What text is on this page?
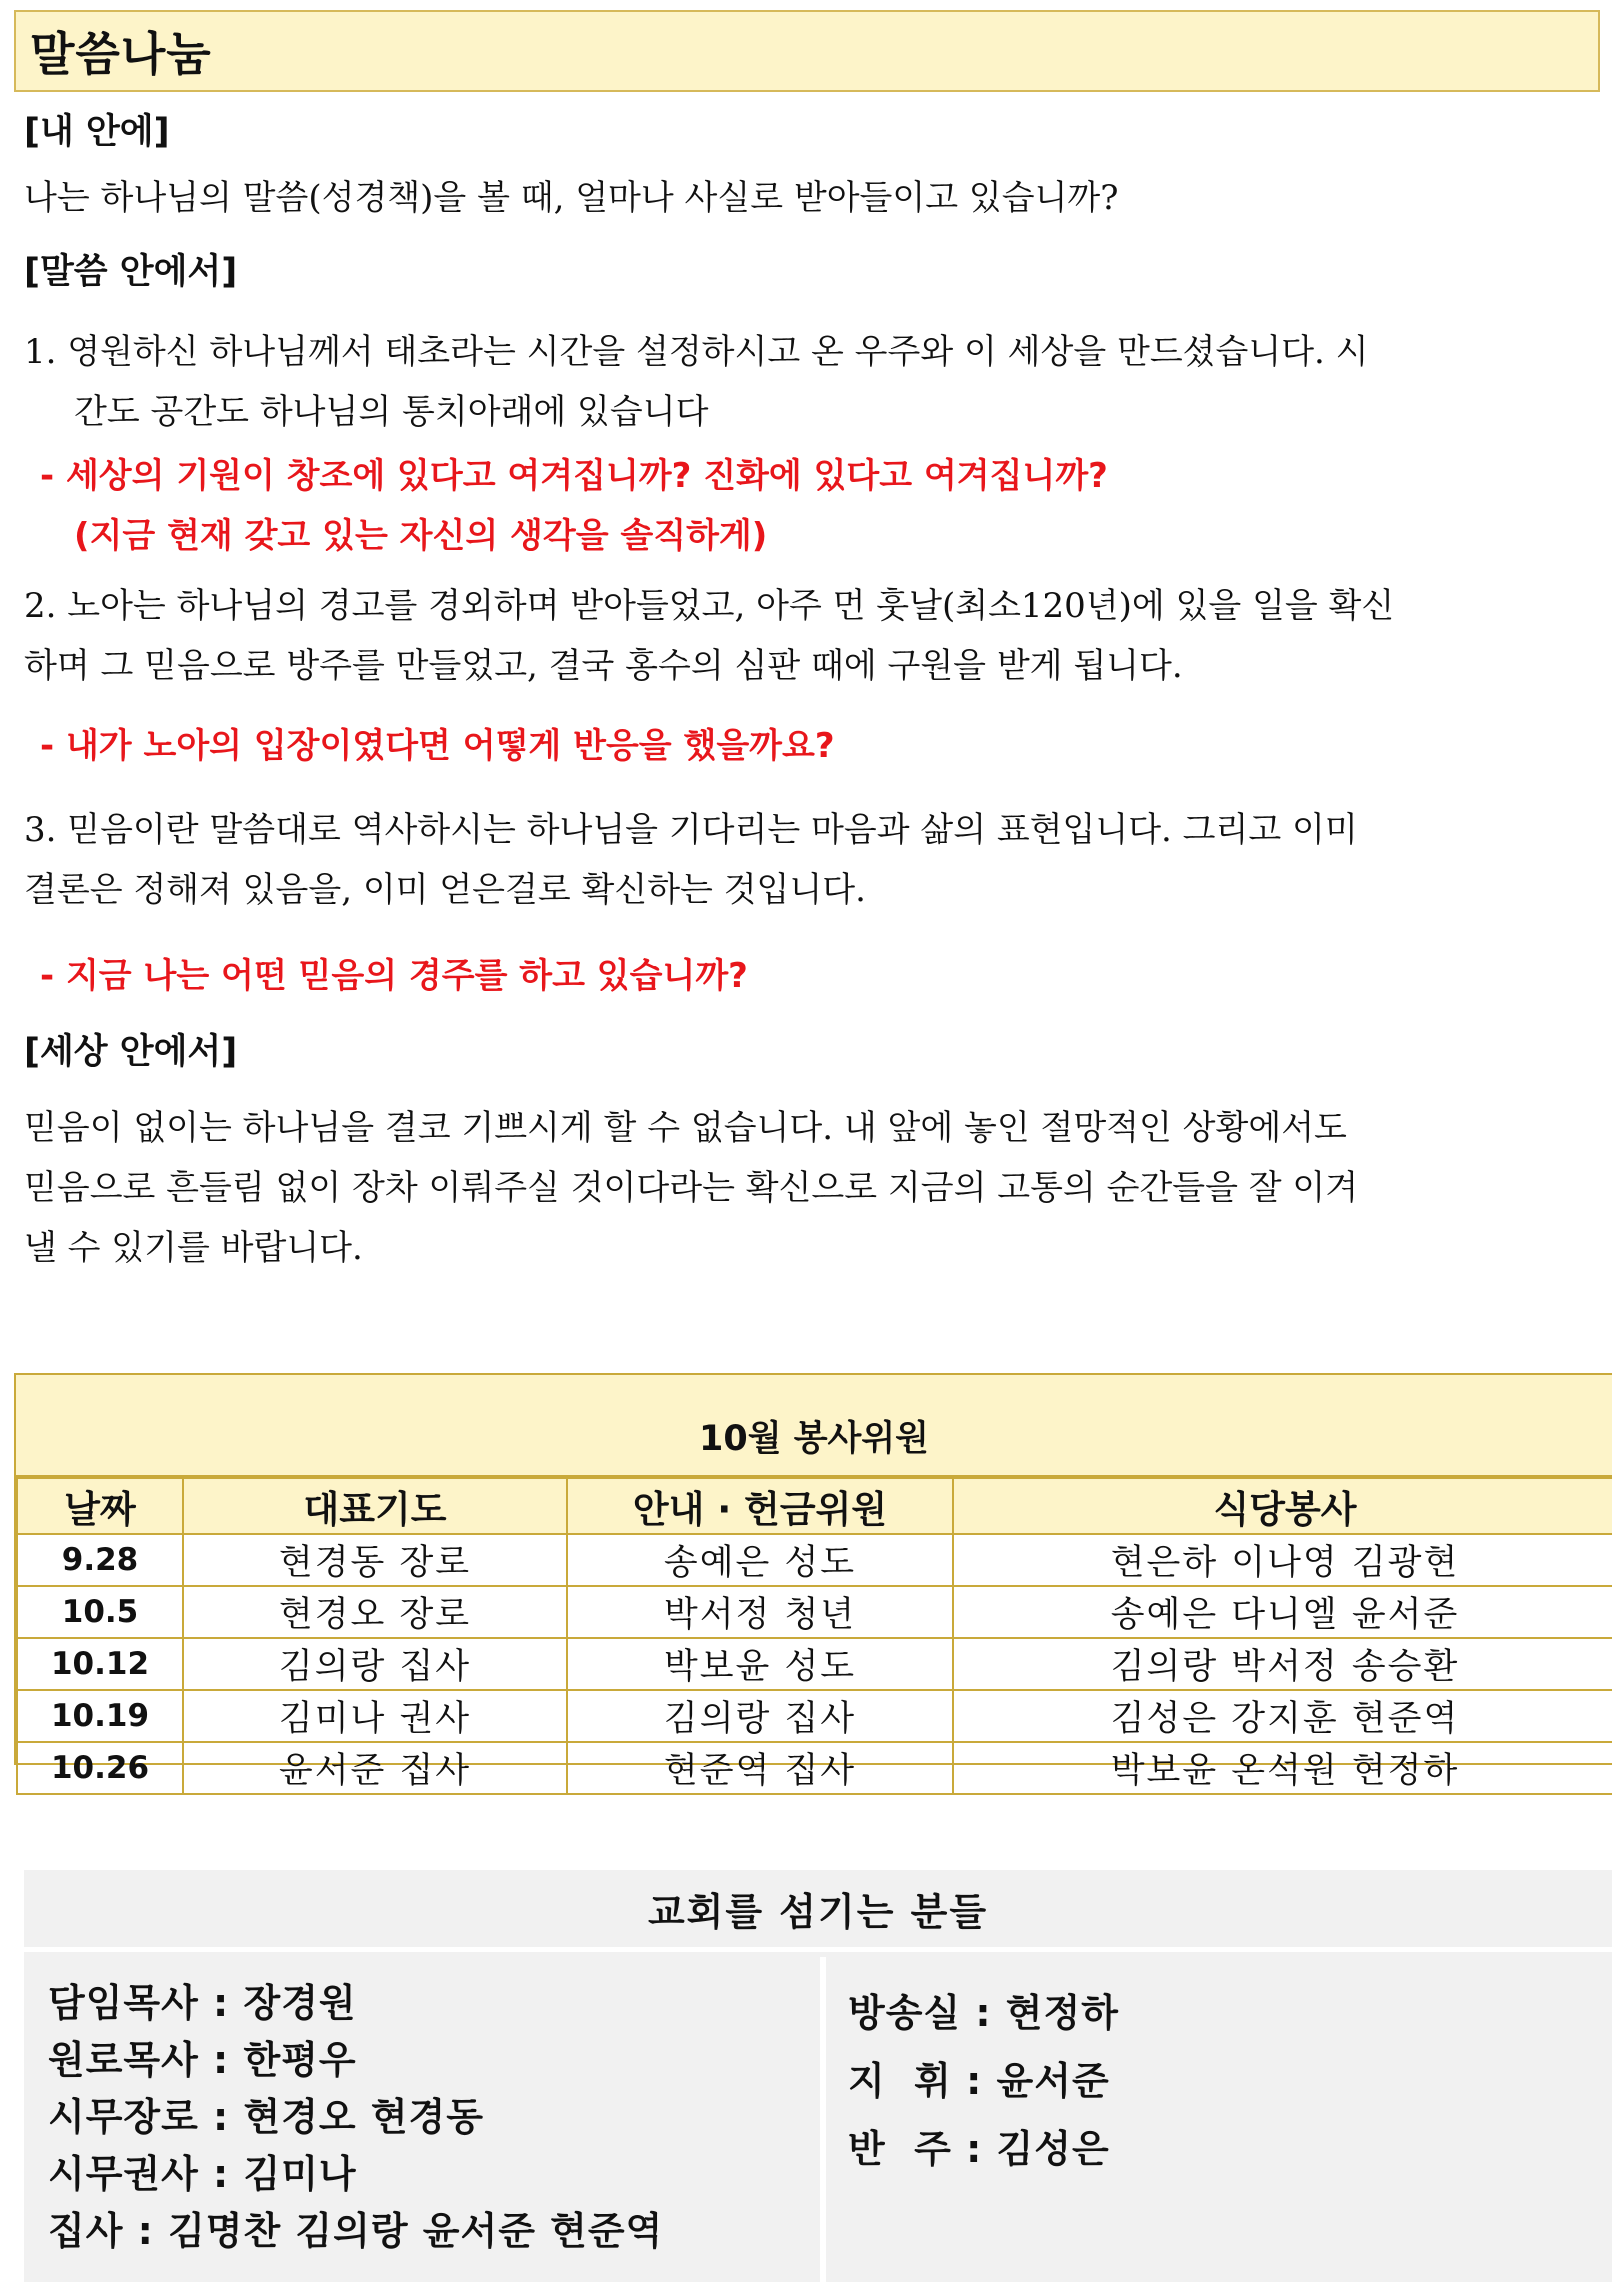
말씀나눔
[내 안에]
나는 하나님의 말씀(성경책)을 볼 때, 얼마나 사실로 받아들이고 있습니까?
[말씀 안에서]
1. 영원하신 하나님께서 태초라는 시간을 설정하시고 온 우주와 이 세상을 만드셨습니다. 시
간도 공간도 하나님의 통치아래에 있습니다
- 세상의 기원이 창조에 있다고 여겨집니까? 진화에 있다고 여겨집니까?
(지금 현재 갖고 있는 자신의 생각을 솔직하게)
2. 노아는 하나님의 경고를 경외하며 받아들었고, 아주 먼 훗날(최소120년)에 있을 일을 확신
하며 그 믿음으로 방주를 만들었고, 결국 홍수의 심판 때에 구원을 받게 됩니다.
- 내가 노아의 입장이였다면 어떻게 반응을 했을까요?
3. 믿음이란 말씀대로 역사하시는 하나님을 기다리는 마음과 삶의 표현입니다. 그리고 이미
결론은 정해져 있음을, 이미 얻은걸로 확신하는 것입니다.
- 지금 나는 어떤 믿음의 경주를 하고 있습니까?
[세상 안에서]
믿음이 없이는 하나님을 결코 기쁘시게 할 수 없습니다. 내 앞에 놓인 절망적인 상황에서도
믿음으로 흔들림 없이 장차 이뤄주실 것이다라는 확신으로 지금의 고통의 순간들을 잘 이겨
낼 수 있기를 바랍니다.
10월 봉사위원
날짜	대표기도	안내 · 헌금위원	식당봉사
9.28	현경동 장로	송예은 성도	현은하 이나영 김광현
10.5	현경오 장로	박서정 청년	송예은 다니엘 윤서준
10.12	김의랑 집사	박보윤 성도	김의랑 박서정 송승환
10.19	김미나 권사	김의랑 집사	김성은 강지훈 현준역
10.26	윤서준 집사	현준역 집사	박보윤 온석원 현정하
교회를 섬기는 분들
담임목사 : 장경원
원로목사 : 한평우
시무장로 : 현경오 현경동
시무권사 : 김미나
집사 : 김명찬 김의랑 윤서준 현준역
방송실 : 현정하
지  휘 : 윤서준
반  주 : 김성은
